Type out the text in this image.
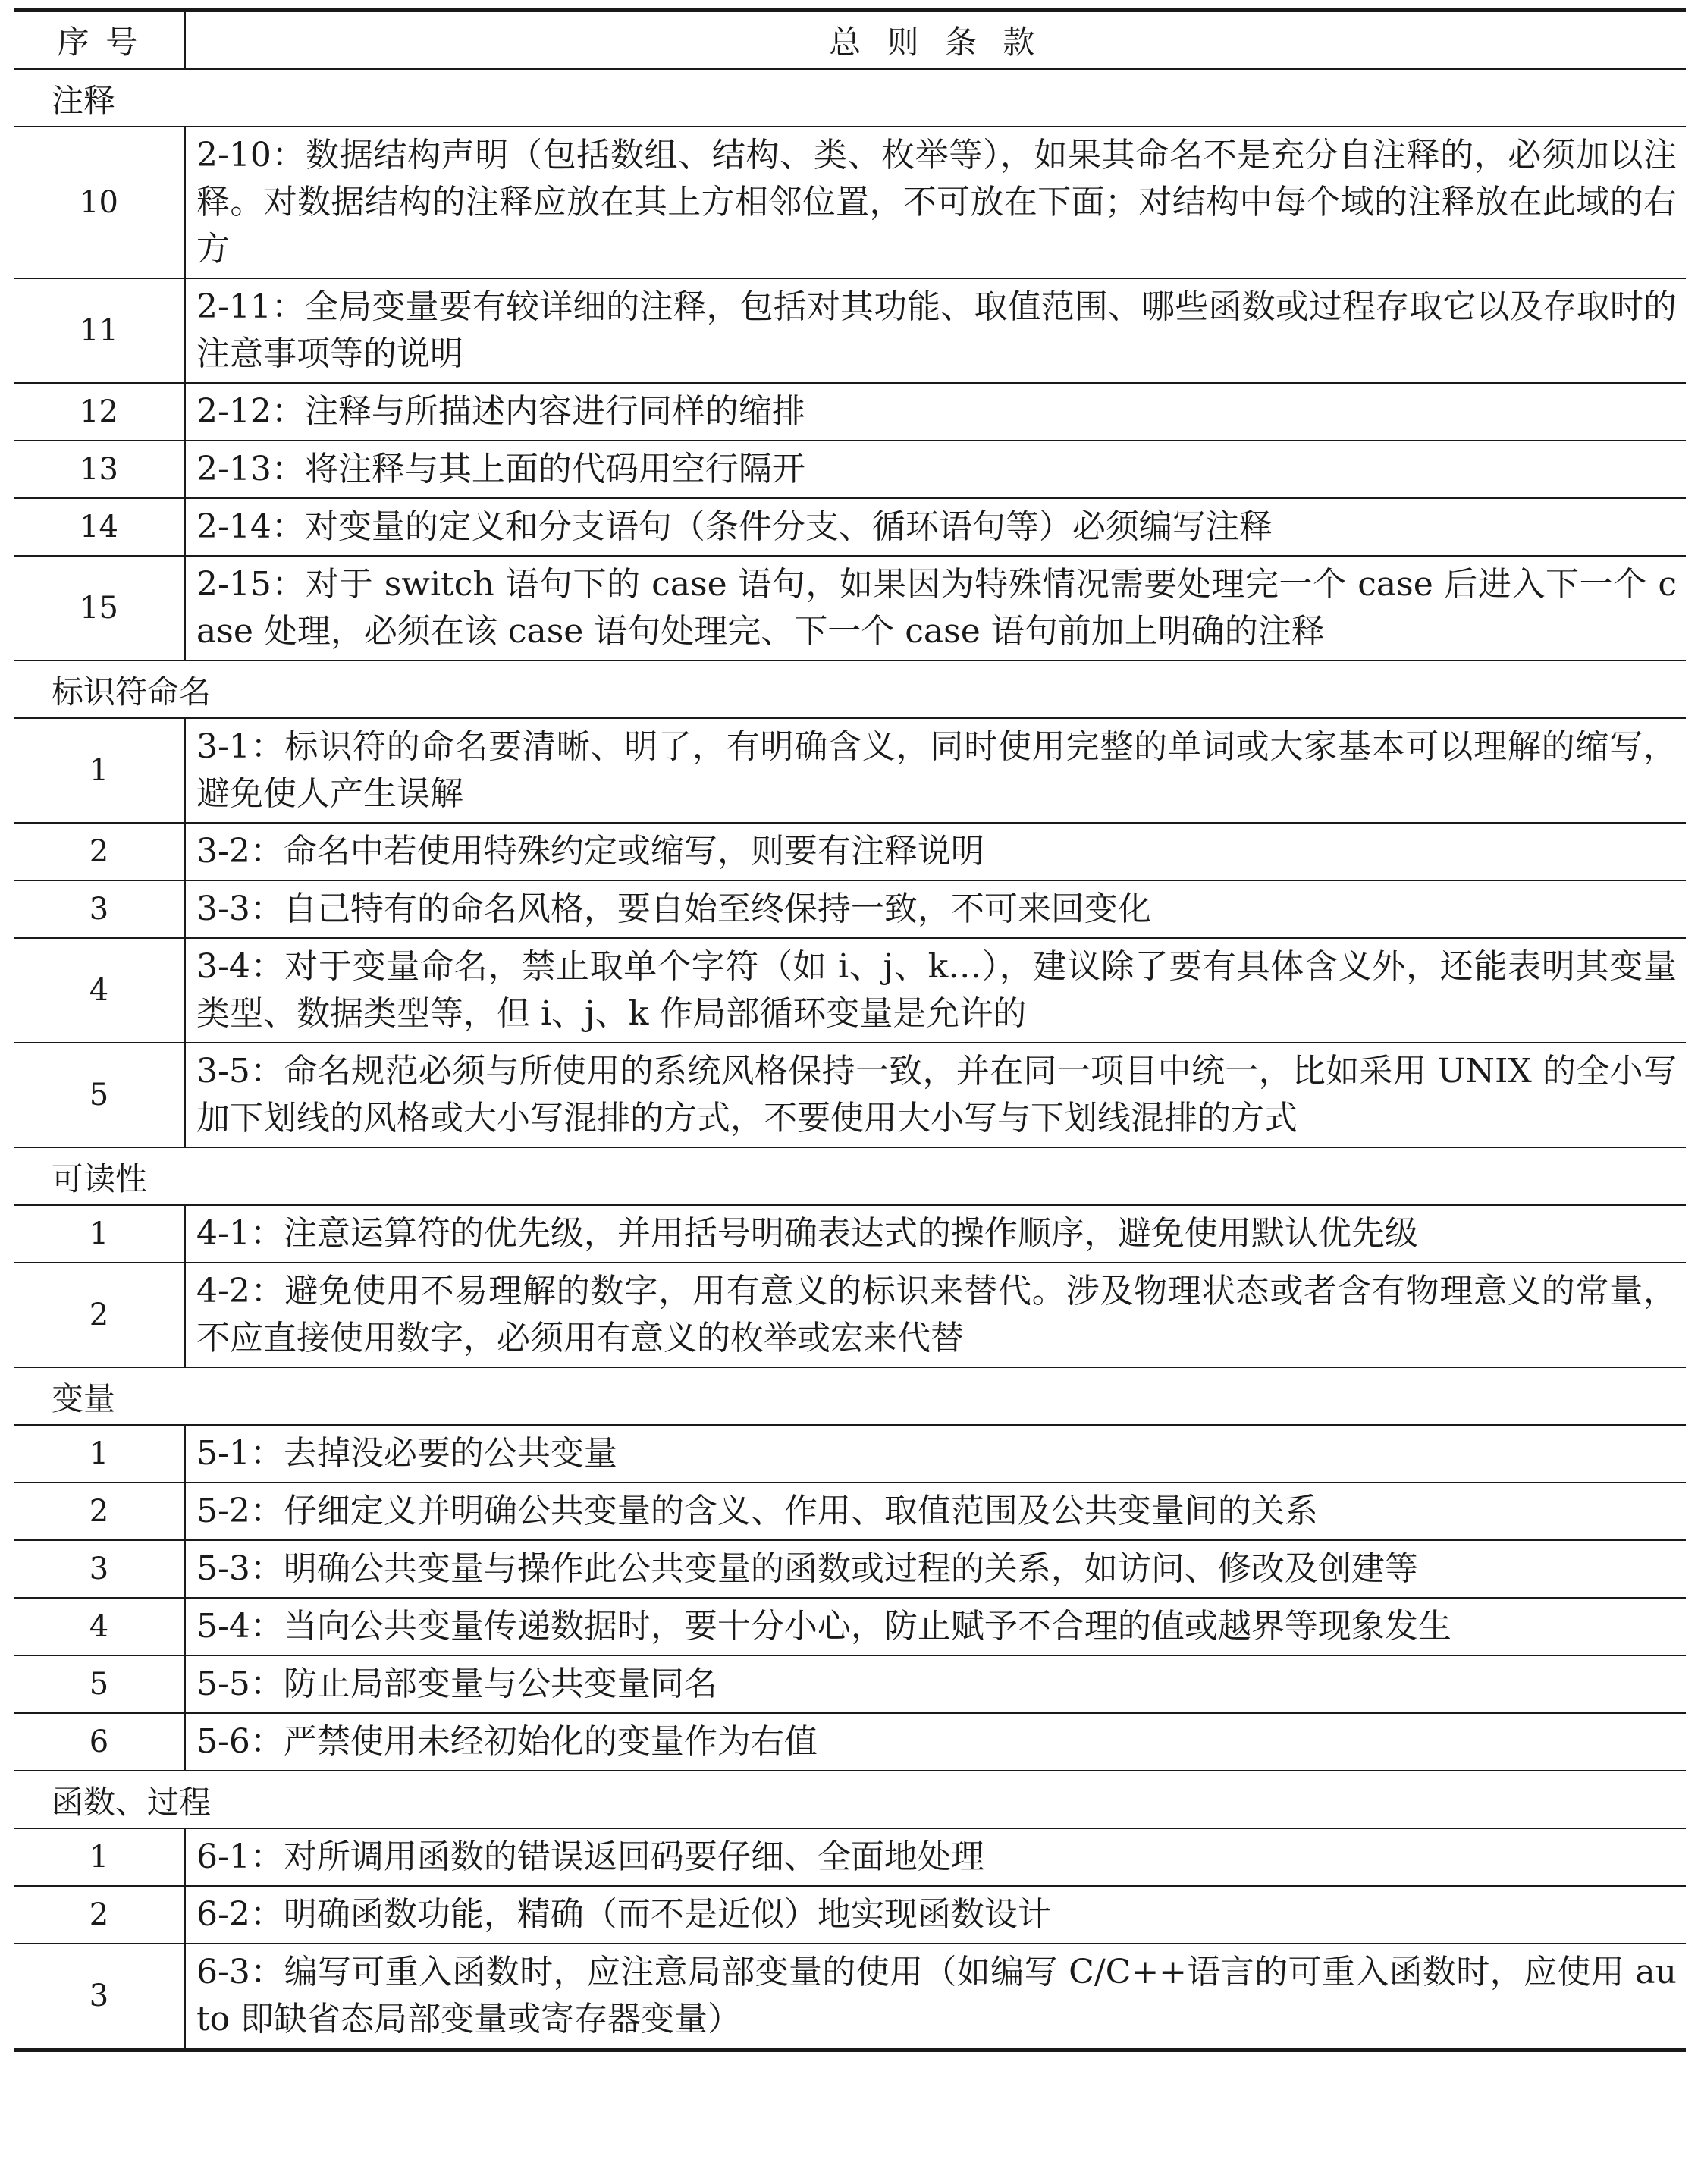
序 号	总 则 条 款
注释	
10	2-10：数据结构声明（包括数组、结构、类、枚举等），如果其命名不是充分自注释的，必须加以注释。对数据结构的注释应放在其上方相邻位置，不可放在下面；对结构中每个域的注释放在此域的右方
11	2-11：全局变量要有较详细的注释，包括对其功能、取值范围、哪些函数或过程存取它以及存取时的注意事项等的说明
12	2-12：注释与所描述内容进行同样的缩排
13	2-13：将注释与其上面的代码用空行隔开
14	2-14：对变量的定义和分支语句（条件分支、循环语句等）必须编写注释
15	2-15：对于 switch 语句下的 case 语句，如果因为特殊情况需要处理完一个 case 后进入下一个 case 处理，必须在该 case 语句处理完、下一个 case 语句前加上明确的注释
标识符命名	
1	3-1：标识符的命名要清晰、明了，有明确含义，同时使用完整的单词或大家基本可以理解的缩写，避免使人产生误解
2	3-2：命名中若使用特殊约定或缩写，则要有注释说明
3	3-3：自己特有的命名风格，要自始至终保持一致，不可来回变化
4	3-4：对于变量命名，禁止取单个字符（如 i、j、k…），建议除了要有具体含义外，还能表明其变量类型、数据类型等，但 i、j、k 作局部循环变量是允许的
5	3-5：命名规范必须与所使用的系统风格保持一致，并在同一项目中统一，比如采用 UNIX 的全小写加下划线的风格或大小写混排的方式，不要使用大小写与下划线混排的方式
可读性	
1	4-1：注意运算符的优先级，并用括号明确表达式的操作顺序，避免使用默认优先级
2	4-2：避免使用不易理解的数字，用有意义的标识来替代。涉及物理状态或者含有物理意义的常量，不应直接使用数字，必须用有意义的枚举或宏来代替
变量	
1	5-1：去掉没必要的公共变量
2	5-2：仔细定义并明确公共变量的含义、作用、取值范围及公共变量间的关系
3	5-3：明确公共变量与操作此公共变量的函数或过程的关系，如访问、修改及创建等
4	5-4：当向公共变量传递数据时，要十分小心，防止赋予不合理的值或越界等现象发生
5	5-5：防止局部变量与公共变量同名
6	5-6：严禁使用未经初始化的变量作为右值
函数、过程	
1	6-1：对所调用函数的错误返回码要仔细、全面地处理
2	6-2：明确函数功能，精确（而不是近似）地实现函数设计
3	6-3：编写可重入函数时，应注意局部变量的使用（如编写 C/C++语言的可重入函数时，应使用 auto 即缺省态局部变量或寄存器变量）
